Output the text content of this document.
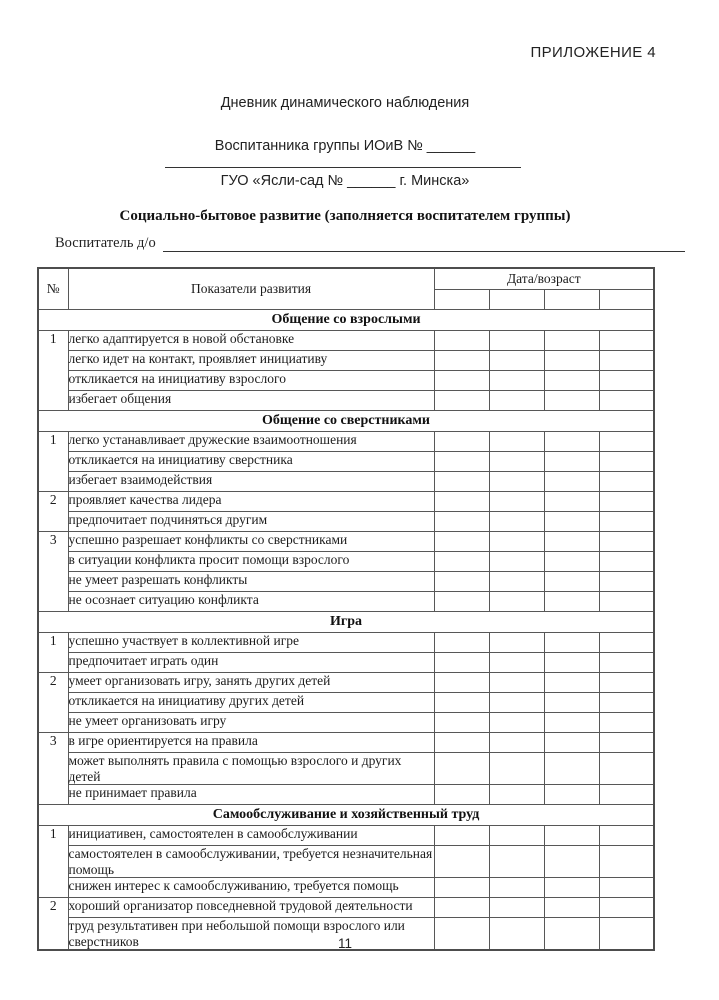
ПРИЛОЖЕНИЕ 4
Дневник динамического наблюдения
Воспитанника группы ИОиВ № ______
ГУО «Ясли-сад № ______ г. Минска»
Социально-бытовое развитие (заполняется воспитателем группы)
Воспитатель д/о
№	Показатели развития	Дата/возраст			

Общение со взрослыми					
1	легко адаптируется в новой обстановке				
	легко идет на контакт, проявляет инициативу				
	откликается на инициативу взрослого				
	избегает общения				
Общение со сверстниками					
1	легко устанавливает дружеские взаимоотношения				
	откликается на инициативу сверстника				
	избегает взаимодействия				
2	проявляет качества лидера				
	предпочитает подчиняться другим				
3	успешно разрешает конфликты со сверстниками				
	в ситуации конфликта просит помощи взрослого				
	не умеет разрешать конфликты				
	не осознает ситуацию конфликта				
Игра					
1	успешно участвует в коллективной игре				
	предпочитает играть один				
2	умеет организовать игру, занять других детей				
	откликается на инициативу других детей				
	не умеет организовать игру				
3	в игре ориентируется на правила				
	может выполнять правила с помощью взрослого и других детей				
	не принимает правила				
Самообслуживание и хозяйственный труд					
1	инициативен, самостоятелен в самообслуживании				
	самостоятелен в самообслуживании, требуется незначительная помощь				
	снижен интерес к самообслуживанию, требуется помощь				
2	хороший организатор повседневной трудовой деятельности				
	труд результативен при небольшой помощи взрослого или сверстников					11
